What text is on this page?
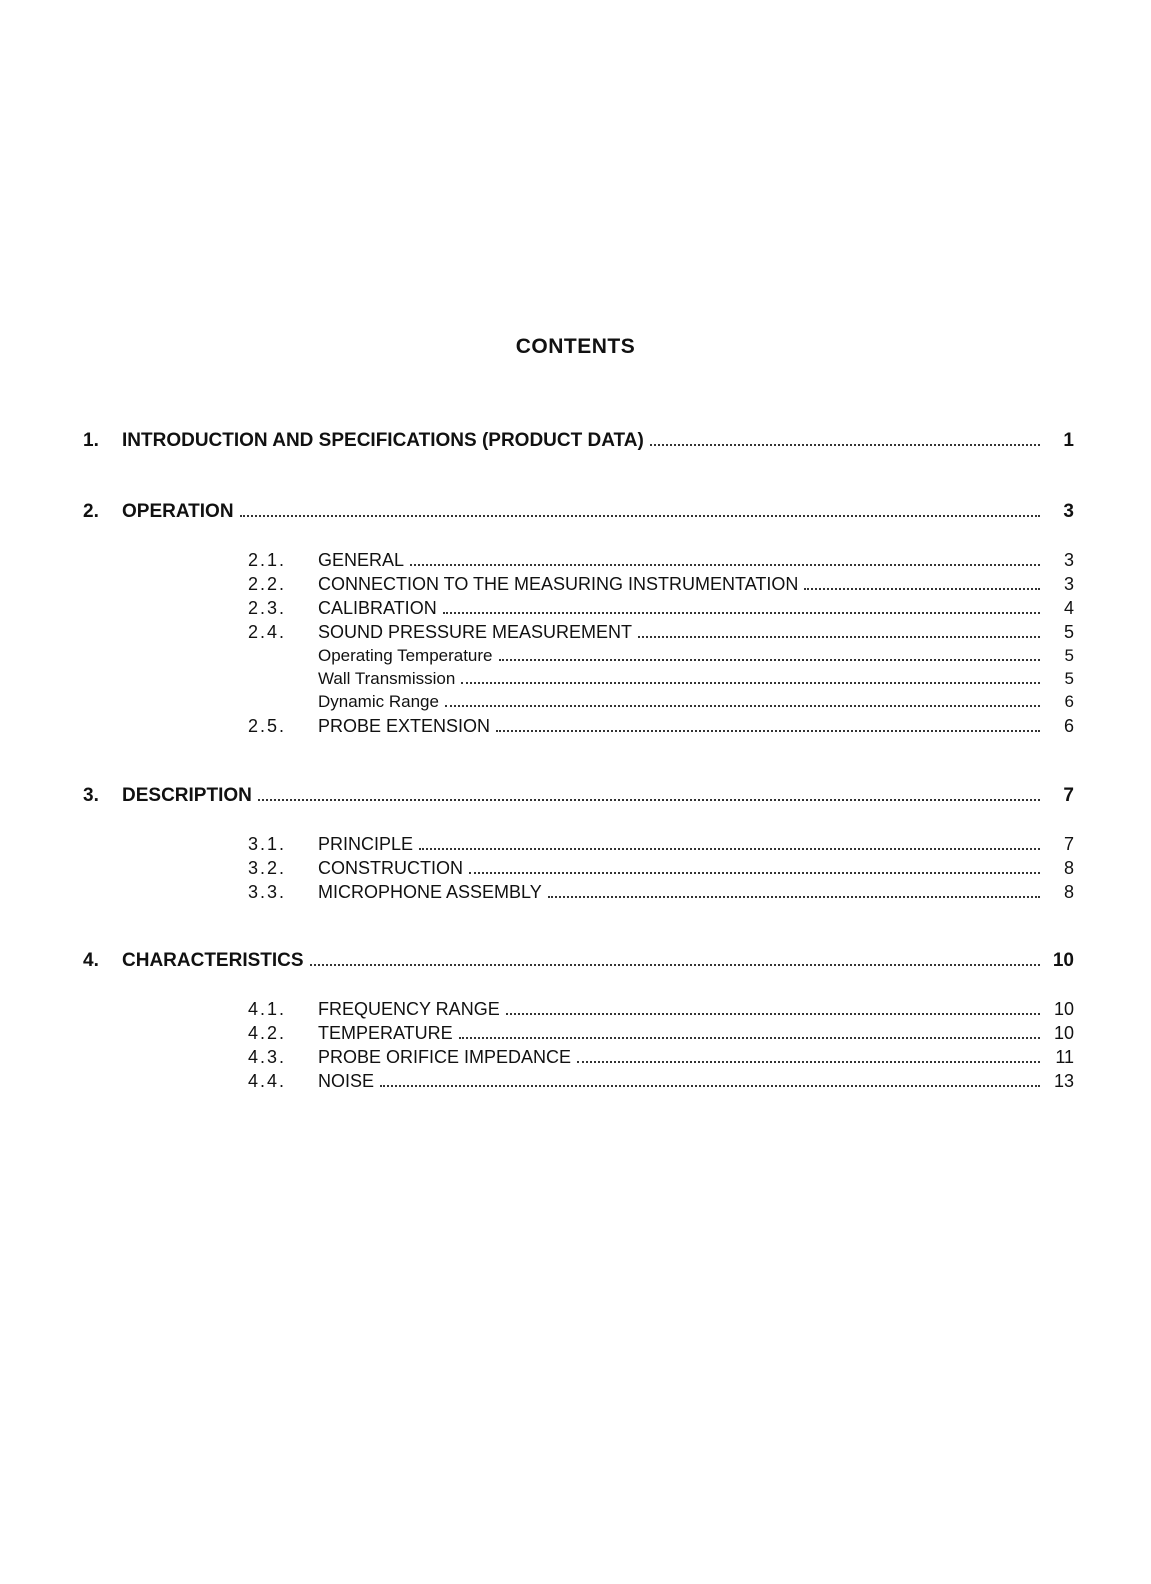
CONTENTS
1.	INTRODUCTION AND SPECIFICATIONS (PRODUCT DATA)	1
2.	OPERATION	3
2.1.	GENERAL	3
2.2.	CONNECTION TO THE MEASURING INSTRUMENTATION	3
2.3.	CALIBRATION	4
2.4.	SOUND PRESSURE MEASUREMENT	5
Operating Temperature	5
Wall Transmission	5
Dynamic Range	6
2.5.	PROBE EXTENSION	6
3.	DESCRIPTION	7
3.1.	PRINCIPLE	7
3.2.	CONSTRUCTION	8
3.3.	MICROPHONE ASSEMBLY	8
4.	CHARACTERISTICS	10
4.1.	FREQUENCY RANGE	10
4.2.	TEMPERATURE	10
4.3.	PROBE ORIFICE IMPEDANCE	11
4.4.	NOISE	13
